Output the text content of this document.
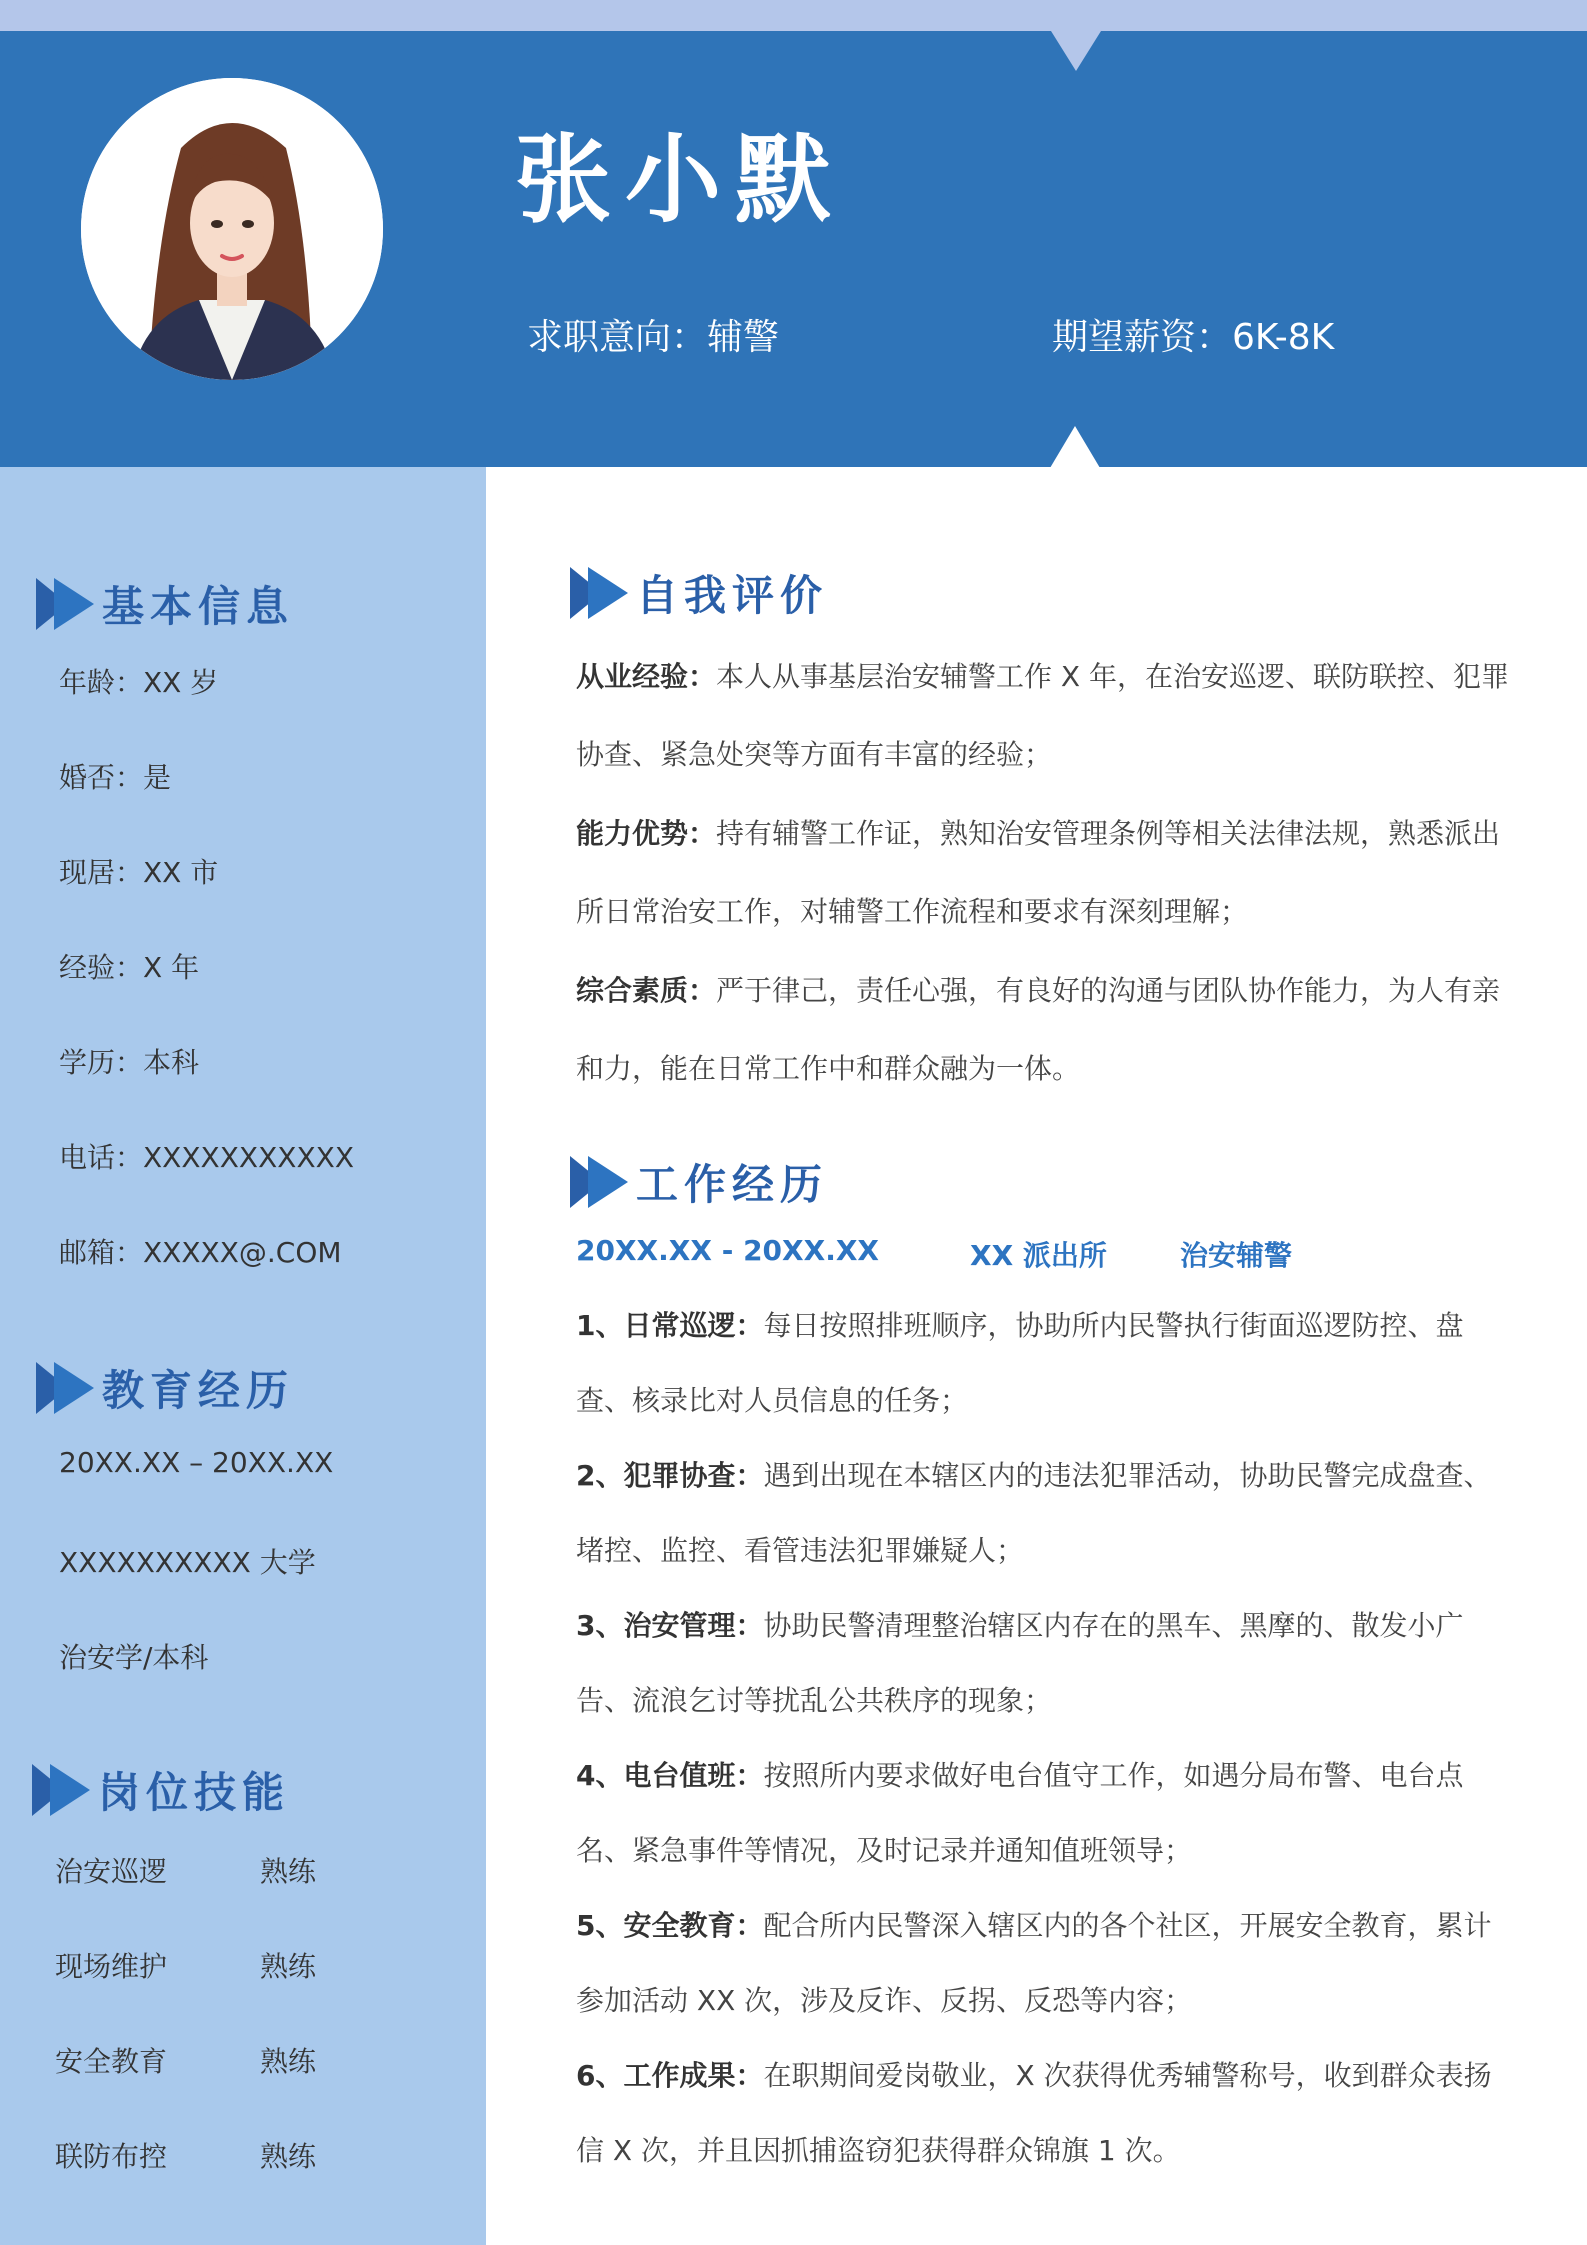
张小默
求职意向：辅警	期望薪资：6K-8K
基本信息
年龄：XX 岁
婚否：是
现居：XX 市
经验：X 年
学历：本科
电话：XXXXXXXXXXX
邮箱：XXXXX@.COM
教育经历
20XX.XX – 20XX.XX
XXXXXXXXXX 大学
治安学/本科
岗位技能
治安巡逻	熟练
现场维护	熟练
安全教育	熟练
联防布控	熟练
自我评价

从业经验：本人从事基层治安辅警工作 X 年，在治安巡逻、联防联控、犯罪协查、紧急处突等方面有丰富的经验；

能力优势：持有辅警工作证，熟知治安管理条例等相关法律法规，熟悉派出所日常治安工作，对辅警工作流程和要求有深刻理解；

综合素质：严于律己，责任心强，有良好的沟通与团队协作能力，为人有亲和力，能在日常工作中和群众融为一体。

工作经历
20XX.XX - 20XX.XX	XX 派出所	治安辅警

1、日常巡逻：每日按照排班顺序，协助所内民警执行街面巡逻防控、盘查、核录比对人员信息的任务；

2、犯罪协查：遇到出现在本辖区内的违法犯罪活动，协助民警完成盘查、堵控、监控、看管违法犯罪嫌疑人；

3、治安管理：协助民警清理整治辖区内存在的黑车、黑摩的、散发小广告、流浪乞讨等扰乱公共秩序的现象；

4、电台值班：按照所内要求做好电台值守工作，如遇分局布警、电台点名、紧急事件等情况，及时记录并通知值班领导；

5、安全教育：配合所内民警深入辖区内的各个社区，开展安全教育，累计参加活动 XX 次，涉及反诈、反拐、反恐等内容；

6、工作成果：在职期间爱岗敬业，X 次获得优秀辅警称号，收到群众表扬信 X 次，并且因抓捕盗窃犯获得群众锦旗 1 次。
